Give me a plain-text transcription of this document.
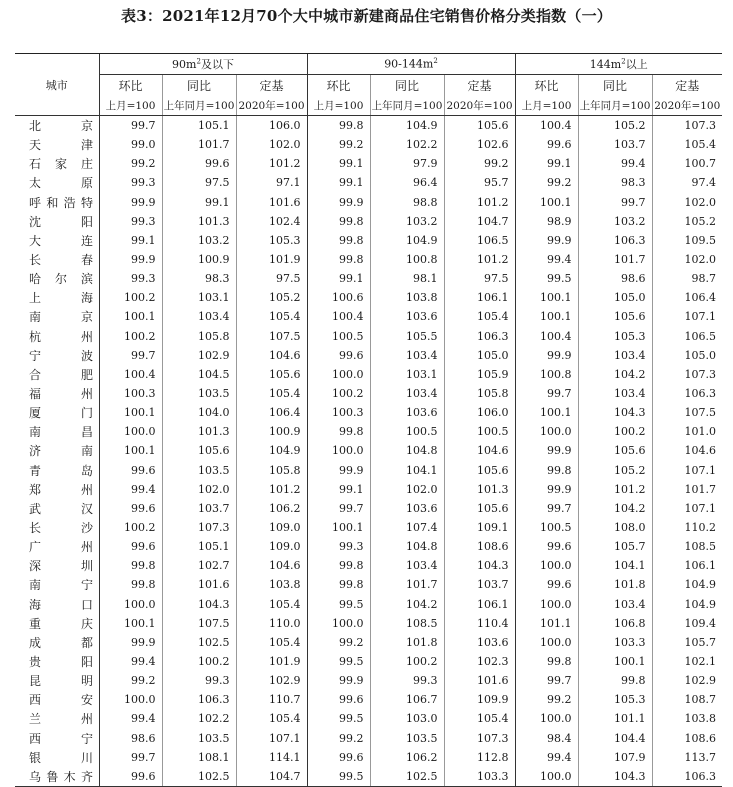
表3：2021年12月70个大中城市新建商品住宅销售价格分类指数（一）
城市	$90m^2$及以下			$90-144m^2$			$144m^2$以上		
	环比	同比	定基	环比	同比	定基	环比	同比	定基
	上月=100	上年同月=100	2020年=100	上月=100	上年同月=100	2020年=100	上月=100	上年同月=100	2020年=100
北京	99.7	105.1	106.0	99.8	104.9	105.6	100.4	105.2	107.3
天津	99.0	101.7	102.0	99.2	102.2	102.6	99.6	103.7	105.4
石家庄	99.2	99.6	101.2	99.1	97.9	99.2	99.1	99.4	100.7
太原	99.3	97.5	97.1	99.1	96.4	95.7	99.2	98.3	97.4
呼和浩特	99.9	99.1	101.6	99.9	98.8	101.2	100.1	99.7	102.0
沈阳	99.3	101.3	102.4	99.8	103.2	104.7	98.9	103.2	105.2
大连	99.1	103.2	105.3	99.8	104.9	106.5	99.9	106.3	109.5
长春	99.9	100.9	101.9	99.8	100.8	101.2	99.4	101.7	102.0
哈尔滨	99.3	98.3	97.5	99.1	98.1	97.5	99.5	98.6	98.7
上海	100.2	103.1	105.2	100.6	103.8	106.1	100.1	105.0	106.4
南京	100.1	103.4	105.4	100.4	103.6	105.4	100.1	105.6	107.1
杭州	100.2	105.8	107.5	100.5	105.5	106.3	100.4	105.3	106.5
宁波	99.7	102.9	104.6	99.6	103.4	105.0	99.9	103.4	105.0
合肥	100.4	104.5	105.6	100.0	103.1	105.9	100.8	104.2	107.3
福州	100.3	103.5	105.4	100.2	103.4	105.8	99.7	103.4	106.3
厦门	100.1	104.0	106.4	100.3	103.6	106.0	100.1	104.3	107.5
南昌	100.0	101.3	100.9	99.8	100.5	100.5	100.0	100.2	101.0
济南	100.1	105.6	104.9	100.0	104.8	104.6	99.9	105.6	104.6
青岛	99.6	103.5	105.8	99.9	104.1	105.6	99.8	105.2	107.1
郑州	99.4	102.0	101.2	99.1	102.0	101.3	99.9	101.2	101.7
武汉	99.6	103.7	106.2	99.7	103.6	105.6	99.7	104.2	107.1
长沙	100.2	107.3	109.0	100.1	107.4	109.1	100.5	108.0	110.2
广州	99.6	105.1	109.0	99.3	104.8	108.6	99.6	105.7	108.5
深圳	99.8	102.7	104.6	99.8	103.4	104.3	100.0	104.1	106.1
南宁	99.8	101.6	103.8	99.8	101.7	103.7	99.6	101.8	104.9
海口	100.0	104.3	105.4	99.5	104.2	106.1	100.0	103.4	104.9
重庆	100.1	107.5	110.0	100.0	108.5	110.4	101.1	106.8	109.4
成都	99.9	102.5	105.4	99.2	101.8	103.6	100.0	103.3	105.7
贵阳	99.4	100.2	101.9	99.5	100.2	102.3	99.8	100.1	102.1
昆明	99.2	99.3	102.9	99.9	99.3	101.6	99.7	99.8	102.9
西安	100.0	106.3	110.7	99.6	106.7	109.9	99.2	105.3	108.7
兰州	99.4	102.2	105.4	99.5	103.0	105.4	100.0	101.1	103.8
西宁	98.6	103.5	107.1	99.2	103.5	107.3	98.4	104.4	108.6
银川	99.7	108.1	114.1	99.6	106.2	112.8	99.4	107.9	113.7
乌鲁木齐	99.6	102.5	104.7	99.5	102.5	103.3	100.0	104.3	106.3
